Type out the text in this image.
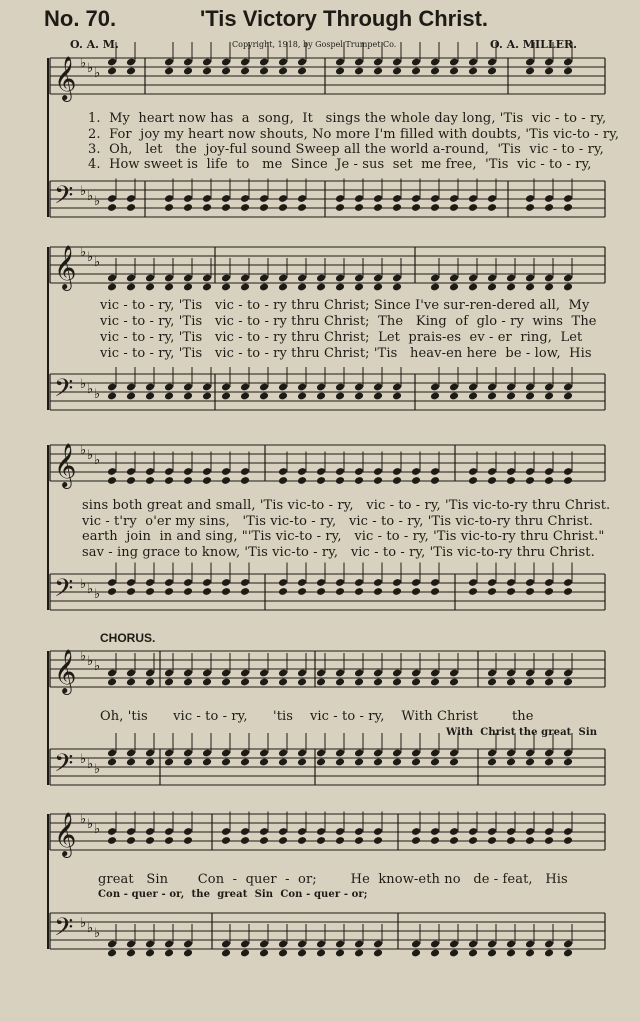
No. 70.	'Tis Victory Through Christ.
O. A. M.	Copyright, 1918, by Gospel Trumpet Co.	O. A. MILLER.
𝄞 ♭ ♭ ♭
𝄢 ♭ ♭ ♭
𝄞 ♭ ♭ ♭
𝄢 ♭ ♭ ♭
𝄞 ♭ ♭ ♭
𝄢 ♭ ♭ ♭
𝄞 ♭ ♭ ♭
𝄢 ♭ ♭ ♭
𝄞 ♭ ♭ ♭
𝄢 ♭ ♭ ♭
1.  My  heart now has  a  song,  It   sings the whole day long, 'Tis  vic - to - ry,
2.  For  joy my heart now shouts, No more I'm filled with doubts, 'Tis vic-to - ry,
3.  Oh,   let   the  joy-ful sound Sweep all the world a-round,  'Tis  vic - to - ry,
4.  How sweet is  life  to   me  Since  Je - sus  set  me free,  'Tis  vic - to - ry,
vic - to - ry, 'Tis   vic - to - ry thru Christ; Since I've sur-ren-dered all,  My
vic - to - ry, 'Tis   vic - to - ry thru Christ;  The   King  of  glo - ry  wins  The
vic - to - ry, 'Tis   vic - to - ry thru Christ;  Let  prais-es  ev - er  ring,  Let
vic - to - ry, 'Tis   vic - to - ry thru Christ; 'Tis   heav-en here  be - low,  His
sins both great and small, 'Tis vic-to - ry,   vic - to - ry, 'Tis vic-to-ry thru Christ.
vic - t'ry  o'er my sins,   'Tis vic-to - ry,   vic - to - ry, 'Tis vic-to-ry thru Christ.
earth  join  in and sing, "'Tis vic-to - ry,   vic - to - ry, 'Tis vic-to-ry thru Christ."
sav - ing grace to know, 'Tis vic-to - ry,   vic - to - ry, 'Tis vic-to-ry thru Christ.
CHORUS.
Oh, 'tis      vic - to - ry,      'tis    vic - to - ry,    With Christ        the
With  Christ the great  Sin
great   Sin       Con  -  quer  -  or;        He  know-eth no   de - feat,   His
Con - quer - or,  the  great  Sin  Con - quer - or;
